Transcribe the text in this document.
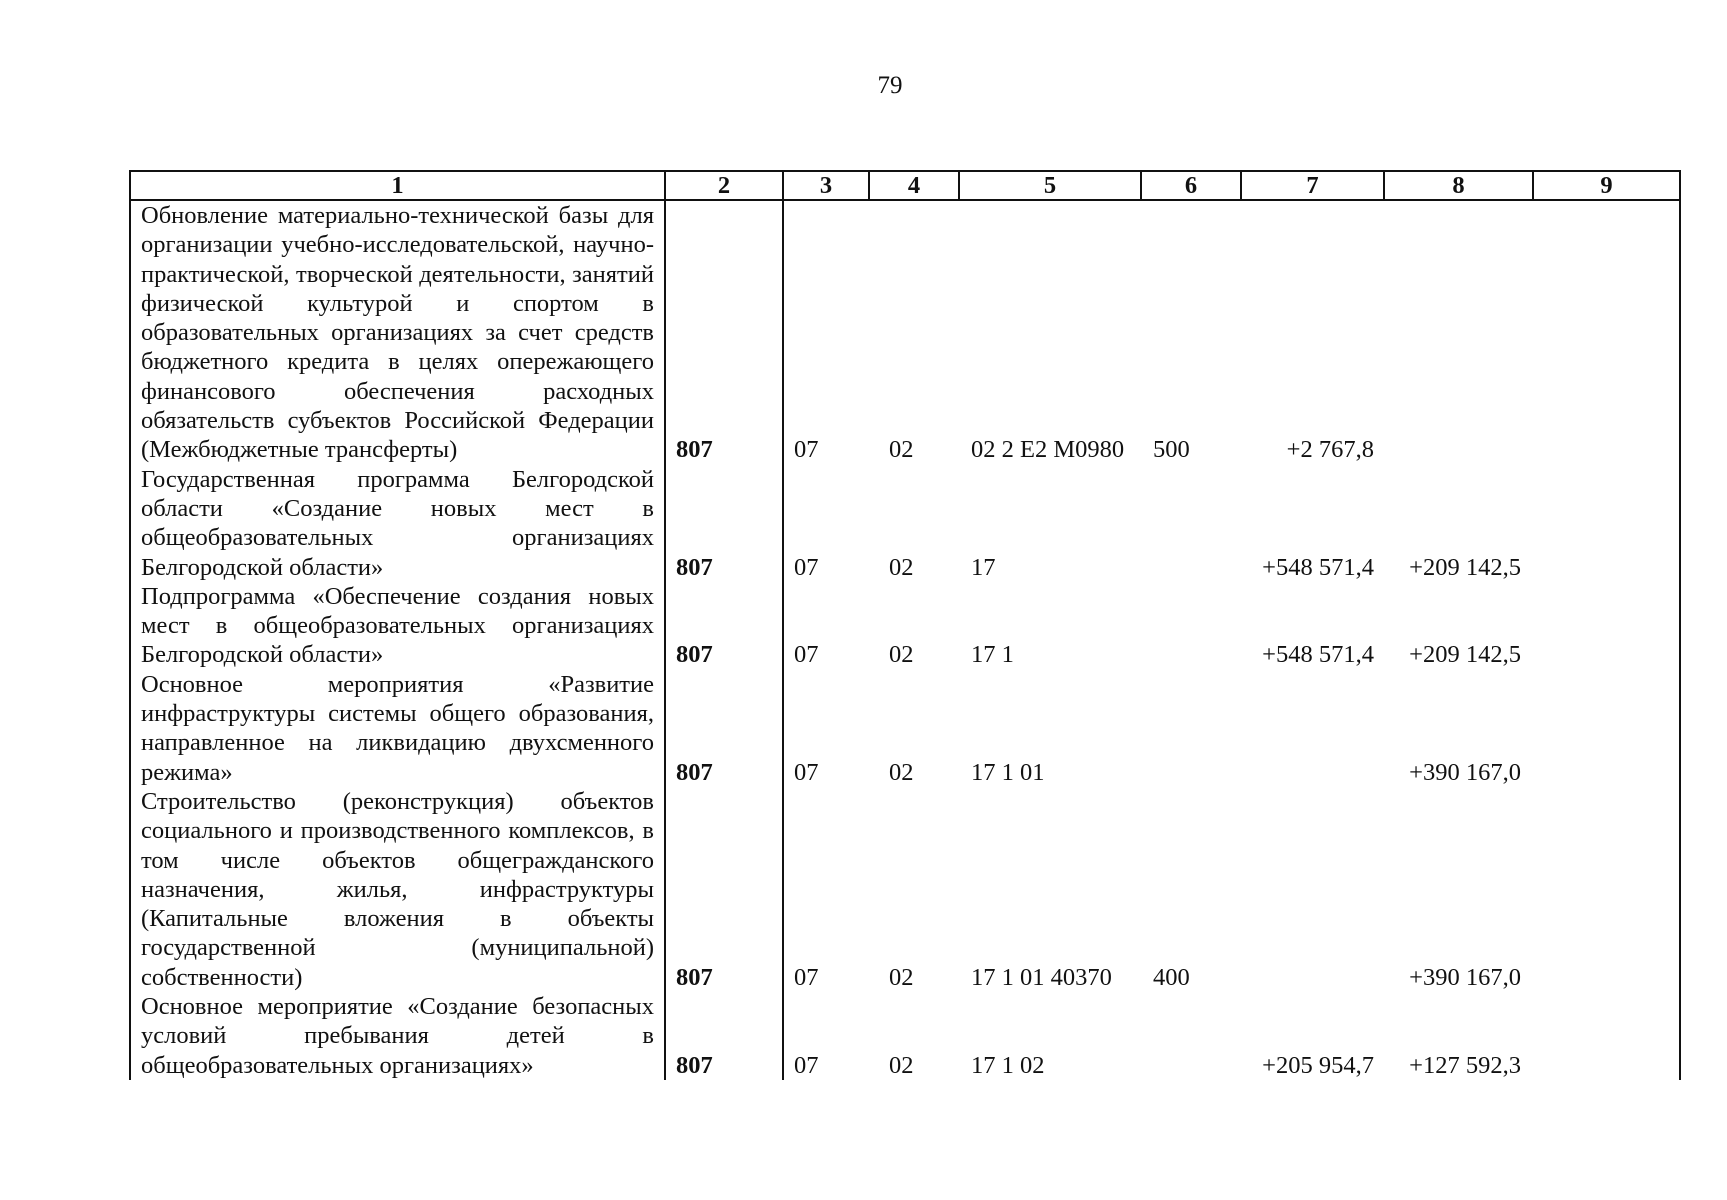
79
1	2	3	4	5	6	7	8	9
Обновление материально-технической базы для организации учебно-исследовательской, научно-практической, творческой деятельности, занятий физической культурой и спортом в образовательных организациях за счет средств бюджетного кредита в целях опережающего финансового обеспечения расходных обязательств субъектов Российской Федерации (Межбюджетные трансферты)	807	07	02	02 2 Е2 М0980	500	+2 767,8		
Государственная программа Белгородской области «Создание новых мест в общеобразовательных организациях Белгородской области»	807	07	02	17		+548 571,4	+209 142,5	
Подпрограмма «Обеспечение создания новых мест в общеобразовательных организациях Белгородской области»	807	07	02	17 1		+548 571,4	+209 142,5	
Основное мероприятия «Развитие инфраструктуры системы общего образования, направленное на ликвидацию двухсменного режима»	807	07	02	17 1 01			+390 167,0	
Строительство (реконструкция) объектов социального и производственного комплексов, в том числе объектов общегражданского назначения, жилья, инфраструктуры (Капитальные вложения в объекты государственной (муниципальной) собственности)	807	07	02	17 1 01 40370	400		+390 167,0	
Основное мероприятие «Создание безопасных условий пребывания детей в общеобразовательных организациях»	807	07	02	17 1 02		+205 954,7	+127 592,3	
